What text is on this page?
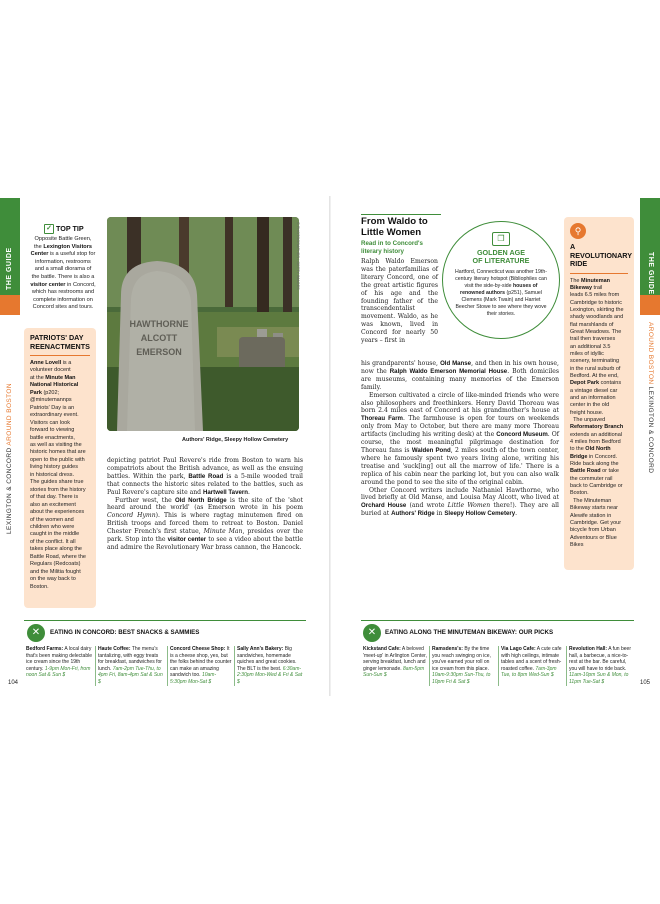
THE GUIDE
LEXINGTON & CONCORD AROUND BOSTON
THE GUIDE
AROUND BOSTON LEXINGTON & CONCORD
✓ TOP TIP
Opposite Battle Green,
the Lexington Visitors
Center is a useful stop for
information, restrooms
and a small diorama of
the battle. There is also a
visitor center in Concord,
which has restrooms and
complete information on
Concord sites and tours.
PATRIOTS' DAY
REENACTMENTS
Anne Lovell is a
volunteer docent
at the Minute Man
National Historical
Park (p202;
@minutemannps
Patriots' Day is an
extraordinary event.
Visitors can look
forward to viewing
battle enactments,
as well as visiting the
historic homes that are
open to the public with
living history guides
in historical dress.
The guides share true
stories from the history
of that day. There is
also an excitement
about the experiences
of the women and
children who were
caught in the middle
of the conflict. It all
takes place along the
Battle Road, where the
Regulars (Redcoats)
and the Militia fought
on the way back to
Boston.
HAWTHORNE
ALCOTT
EMERSON
© PHOTOGRAPHER / GETTY IMAGES
Authors' Ridge, Sleepy Hollow Cemetery

depicting patriot Paul Revere's ride from Boston to warn his compatriots about the British advance, as well as the ensuing battles. Within the park, Battle Road is a 5-mile wooded trail that connects the historic sites related to the battles, such as Paul Revere's capture site and Hartwell Tavern.

Further west, the Old North Bridge is the site of the 'shot heard around the world' (as Emerson wrote in his poem Concord Hymn). This is where ragtag minutemen fired on British troops and forced them to retreat to Boston. Daniel Chester French's first statue, Minute Man, presides over the park. Stop into the visitor center to see a video about the battle and admire the Revolutionary War brass cannon, the Hancock.

From Waldo to
Little Women
Read in to Concord's
literary history

Ralph Waldo Emerson was the paterfamilias of literary Concord, one of the great artistic figures of his age and the founding father of the transcendentalist movement. Waldo, as he was known, lived in Concord for nearly 50 years – first in

❐
GOLDEN AGE
OF LITERATURE
Hartford, Connecticut was another 19th-century literary hotspot (Bibliophiles can visit the side-by-side houses of renowned authors (p251), Samuel Clemens (Mark Twain) and Harriet Beecher Stowe to see where they wove their stories.

his grandparents' house, Old Manse, and then in his own house, now the Ralph Waldo Emerson Memorial House. Both domiciles are museums, containing many memories of the Emerson family.

Emerson cultivated a circle of like-minded friends who were also philosophers and freethinkers. Henry David Thoreau was born 2.4 miles east of Concord at his grandmother's house at Thoreau Farm. The farmhouse is open for tours on weekends only from May to October, but there are many more Thoreau artifacts (including his writing desk) at the Concord Museum. Of course, the most meaningful pilgrimage destination for Thoreau fans is Walden Pond, 2 miles south of the town center, where he famously spent two years living alone, writing his treatise and 'suck[ing] out all the marrow of life.' There is a replica of his cabin near the parking lot, but you can also walk around the pond to see the site of the original cabin.

Other Concord writers include Nathaniel Hawthorne, who lived briefly at Old Manse, and Louisa May Alcott, who lived at Orchard House (and wrote Little Women there!). They are all buried at Authors' Ridge in Sleepy Hollow Cemetery.

⚲
A REVOLUTIONARY
RIDE
The Minuteman
Bikeway trail
leads 6.5 miles from
Cambridge to historic
Lexington, skirting the
shady woodlands and
flat marshlands of
Great Meadows. The
trail then traverses
an additional 3.5
miles of idyllic
scenery, terminating
in the rural suburb of
Bedford. At the end,
Depot Park contains
a vintage diesel car
and an information
center in the old
freight house.
The unpaved
Reformatory Branch
extends an additional
4 miles from Bedford
to the Old North
Bridge in Concord.
Ride back along the
Battle Road or take
the commuter rail
back to Cambridge or
Boston.
The Minuteman
Bikeway starts near
Alewife station in
Cambridge. Get your
bicycle from Urban
Adventours or Blue
Bikes
✕	EATING IN CONCORD: BEST SNACKS & SAMMIES
Bedford Farms: A local dairy that's been making delectable ice cream since the 19th century. 1-9pm Mon-Fri, from noon Sat & Sun $
Haute Coffee: The menu's tantalizing, with eggy treats for breakfast, sandwiches for lunch. 7am-2pm Tue-Thu, to 4pm Fri, 8am-4pm Sat & Sun $
Concord Cheese Shop: It is a cheese shop, yes, but the folks behind the counter can make an amazing sandwich too. 10am-5:30pm Mon-Sat $
Sally Ann's Bakery: Big sandwiches, homemade quiches and great cookies. The BLT is the best. 6:30am-2:30pm Mon-Wed & Fri & Sat $
104
✕	EATING ALONG THE MINUTEMAN BIKEWAY: OUR PICKS
Kickstand Cafe: A beloved 'meet-up' in Arlington Center, serving breakfast, lunch and ginger lemonade. 8am-5pm Sun-Sun $
Ramsdens's: By the time you reach swinging on ice, you've earned your roll on ice cream from this place. 10am-9:30pm Sun-Thu, to 10pm Fri & Sat $
Via Lago Cafe: A cute cafe with high ceilings, intimate tables and a scent of fresh-roasted coffee. 7am-3pm Tue, to 8pm Wed-Sun $
Revolution Hall: A fun beer hall, a barbecue, a nice-to-rest at the bar. Be careful, you will have to ride back. 11am-10pm Sun & Mon, to 11pm Tue-Sat $	105
